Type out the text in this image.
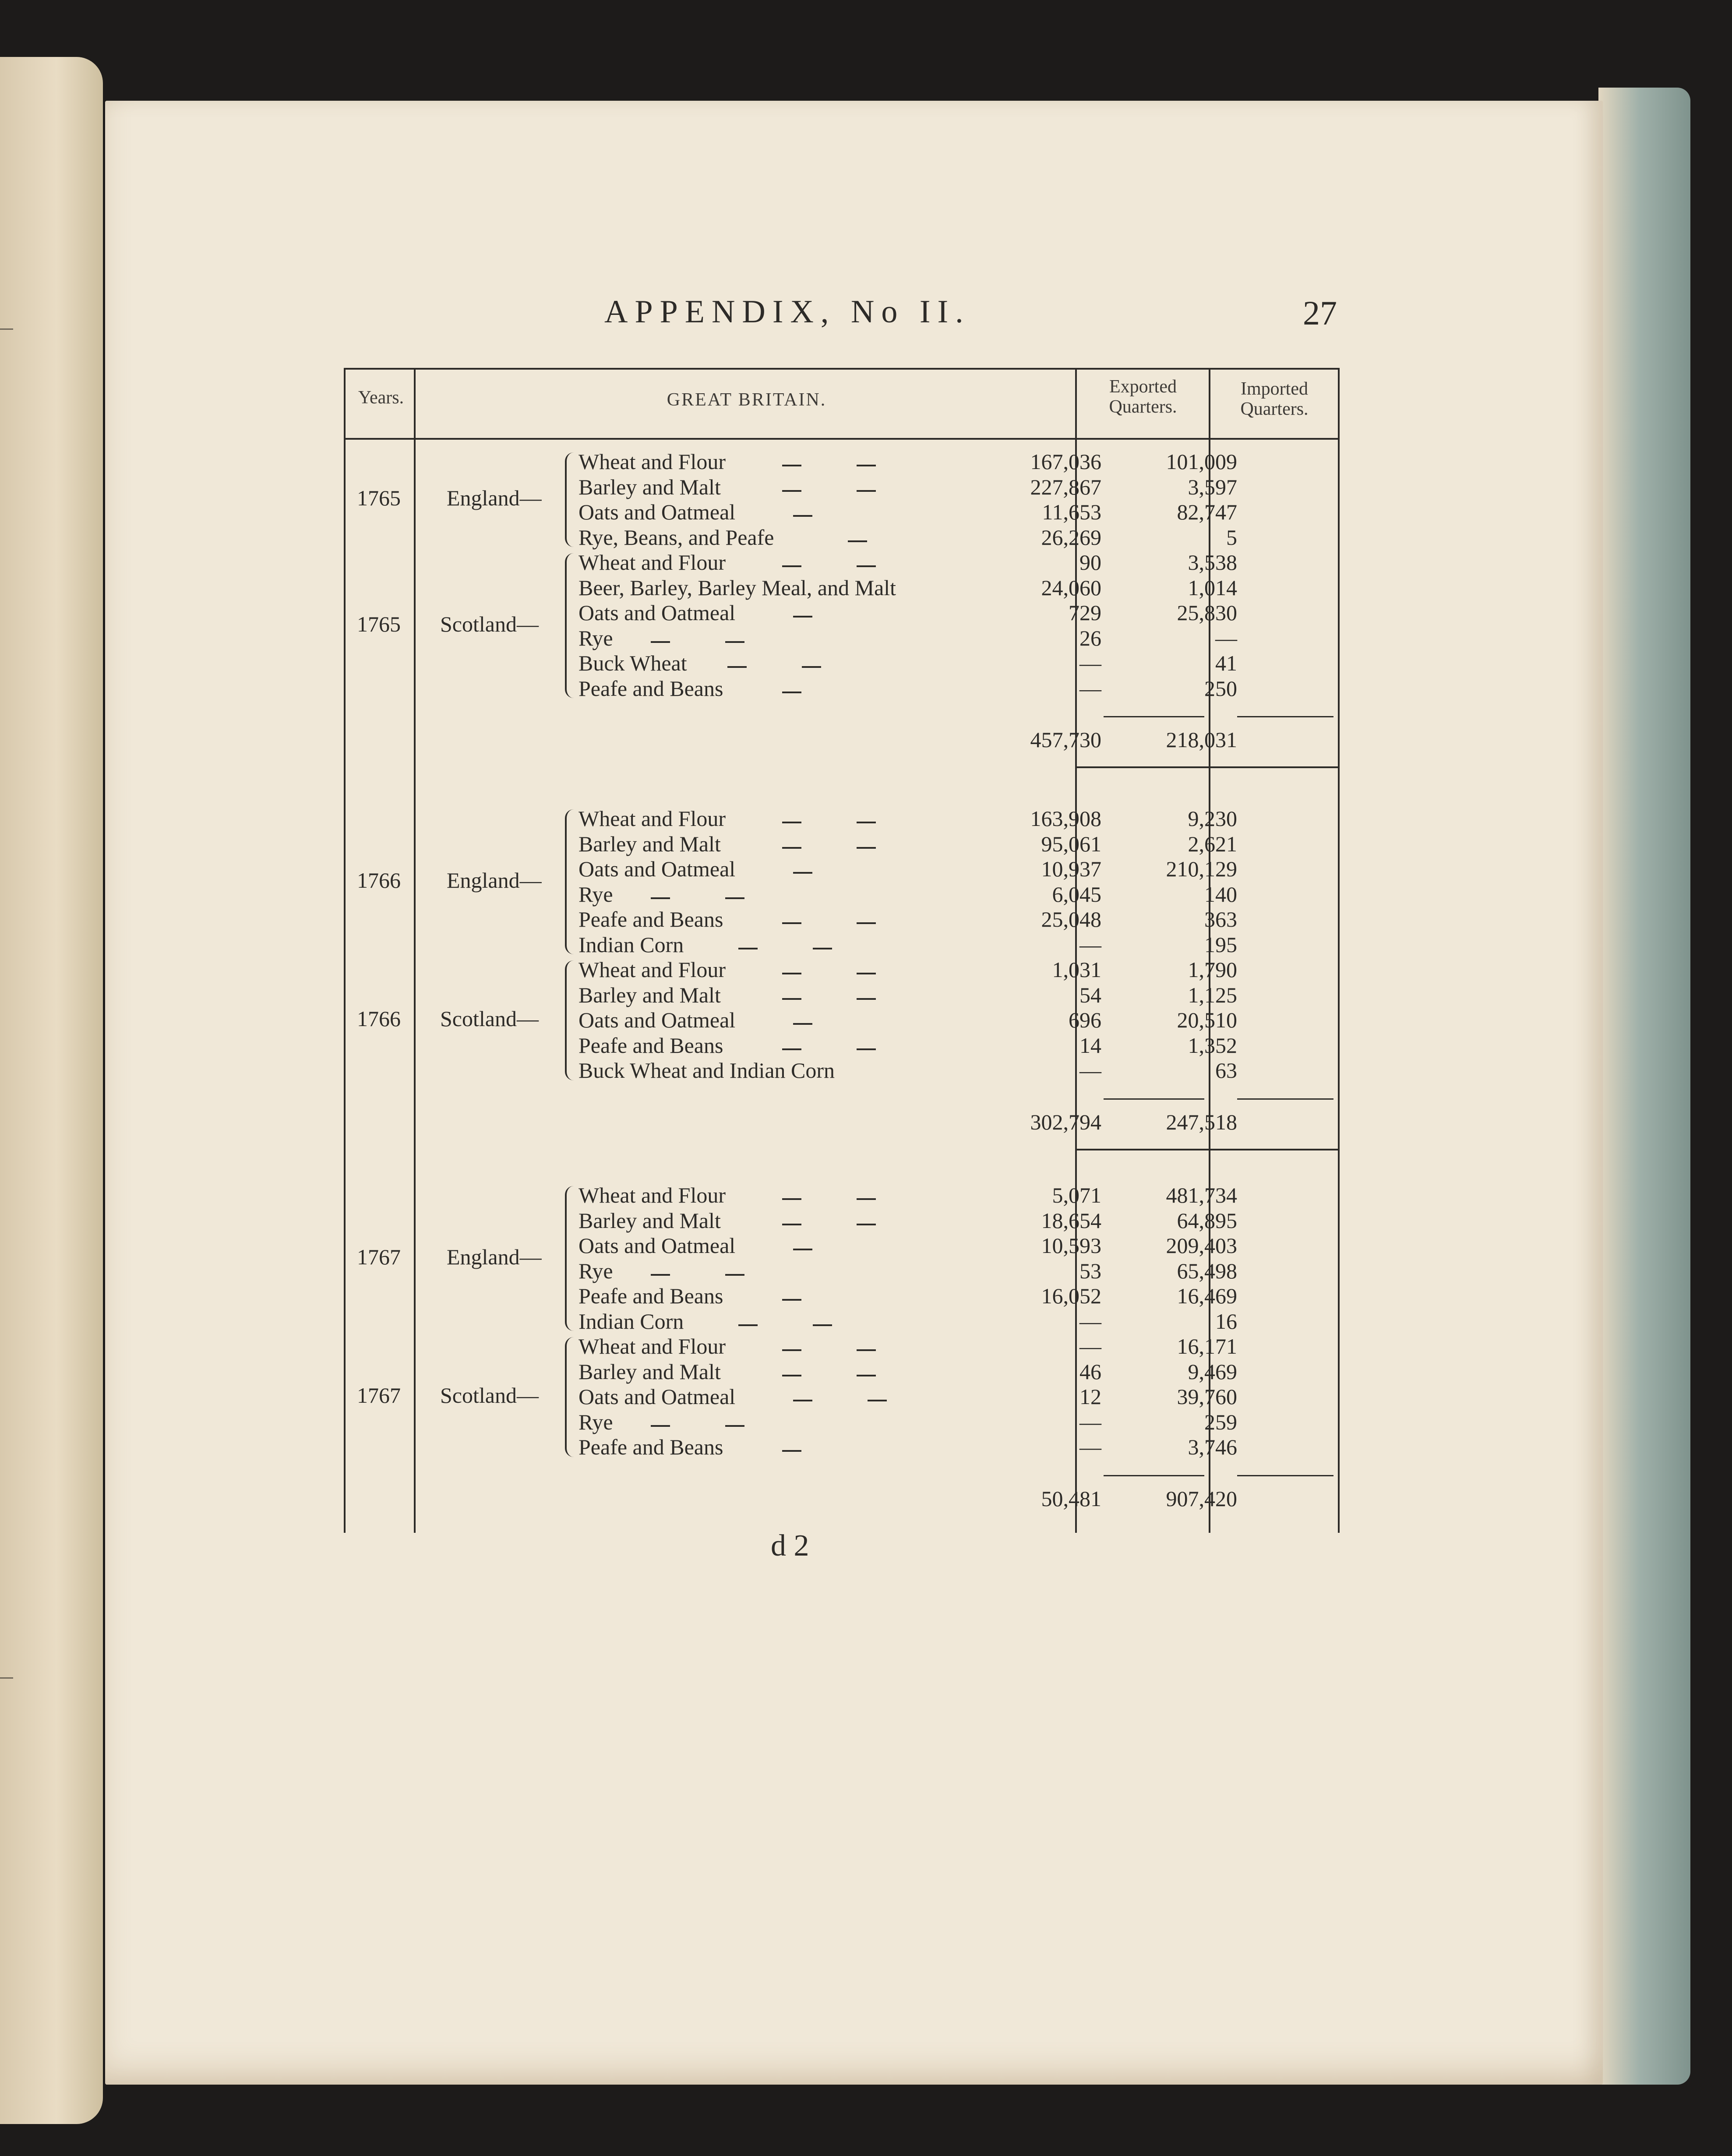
APPENDIX, No II.	27
Years.	GREAT BRITAIN.
Exported Quarters.
Imported Quarters.
1765 England—
Wheat and Flour	167,036	101,009
Barley and Malt	227,867	3,597
Oats and Oatmeal	11,653	82,747
Rye, Beans, and Peafe	26,269	5
1765 Scotland—
Wheat and Flour	90	3,538
Beer, Barley, Barley Meal, and Malt	24,060	1,014
Oats and Oatmeal	729	25,830
Rye	26	—
Buck Wheat	—	41
Peafe and Beans	—	250
457,730	218,031
1766 England—
Wheat and Flour	163,908	9,230
Barley and Malt	95,061	2,621
Oats and Oatmeal	10,937	210,129
Rye	6,045	140
Peafe and Beans	25,048	363
Indian Corn	—	195
1766 Scotland—
Wheat and Flour	1,031	1,790
Barley and Malt	54	1,125
Oats and Oatmeal	696	20,510
Peafe and Beans	14	1,352
Buck Wheat and Indian Corn	—	63
302,794	247,518
1767 England—
Wheat and Flour	5,071	481,734
Barley and Malt	18,654	64,895
Oats and Oatmeal	10,593	209,403
Rye	53	65,498
Peafe and Beans	16,052	16,469
Indian Corn	—	16
1767 Scotland—
Wheat and Flour	—	16,171
Barley and Malt	46	9,469
Oats and Oatmeal	12	39,760
Rye	—	259
Peafe and Beans	—	3,746
50,481	907,420
d 2
